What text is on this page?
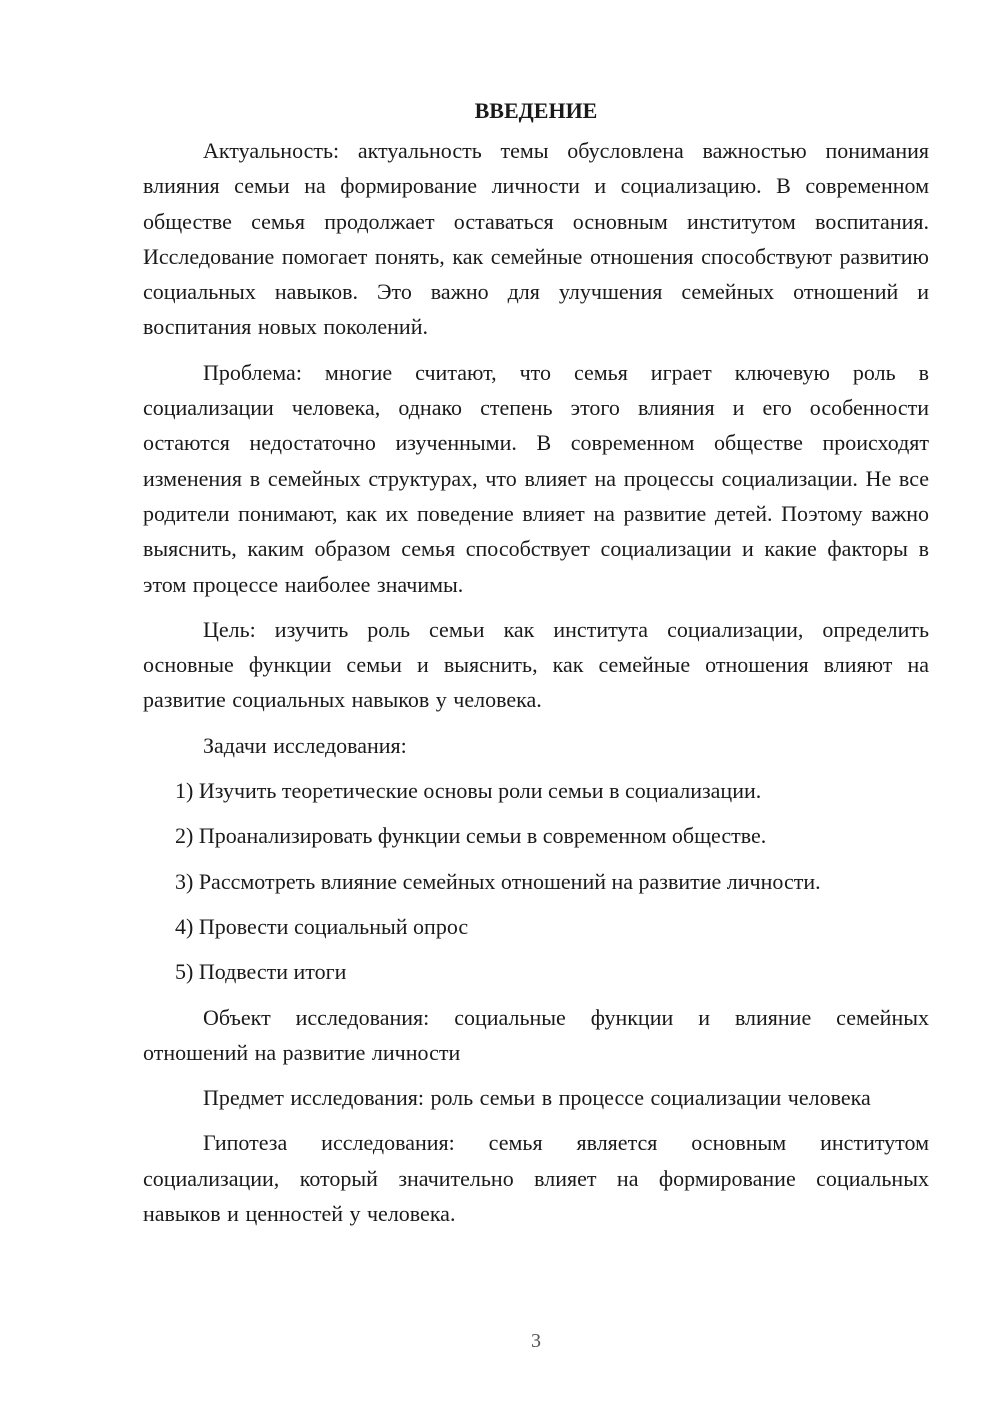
ВВЕДЕНИЕ

Актуальность: актуальность темы обусловлена важностью понимания влияния семьи на формирование личности и социализацию. В современном обществе семья продолжает оставаться основным институтом воспитания. Исследование помогает понять, как семейные отношения способствуют развитию социальных навыков. Это важно для улучшения семейных отношений и воспитания новых поколений.

Проблема: многие считают, что семья играет ключевую роль в социализации человека, однако степень этого влияния и его особенности остаются недостаточно изученными. В современном обществе происходят изменения в семейных структурах, что влияет на процессы социализации. Не все родители понимают, как их поведение влияет на развитие детей. Поэтому важно выяснить, каким образом семья способствует социализации и какие факторы в этом процессе наиболее значимы.

Цель: изучить роль семьи как института социализации, определить основные функции семьи и выяснить, как семейные отношения влияют на развитие социальных навыков у человека.

Задачи исследования:

1) Изучить теоретические основы роли семьи в социализации.
2) Проанализировать функции семьи в современном обществе.
3) Рассмотреть влияние семейных отношений на развитие личности.
4) Провести социальный опрос
5) Подвести итоги

Объект исследования: социальные функции и влияние семейных отношений на развитие личности

Предмет исследования: роль семьи в процессе социализации человека

Гипотеза исследования: семья является основным институтом социализации, который значительно влияет на формирование социальных навыков и ценностей у человека.

3
